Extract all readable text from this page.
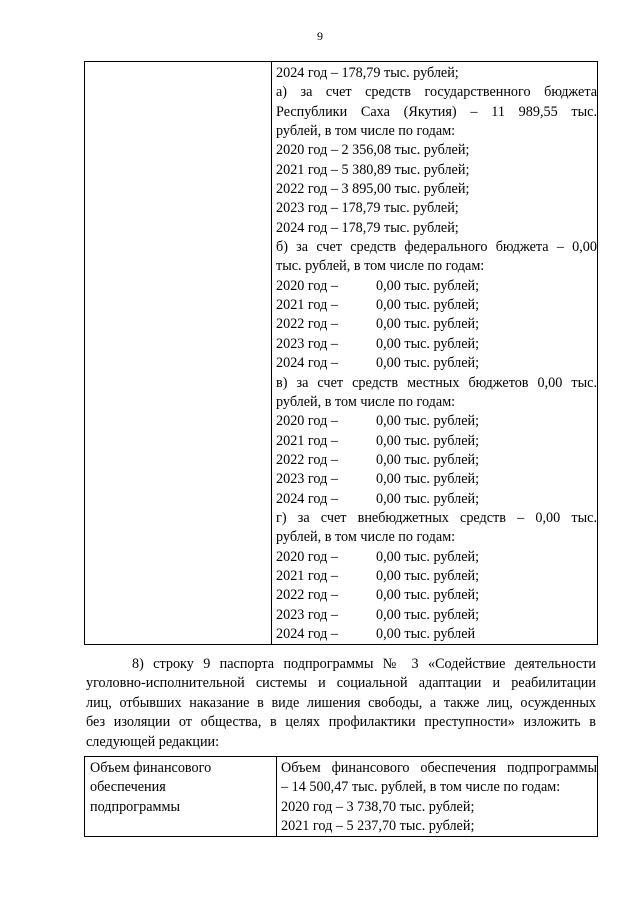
9

2024 год – 178,79 тыс. рублей;
а) за счет средств государственного бюджета
Республики Саха (Якутия) – 11 989,55 тыс.
рублей, в том числе по годам:
2020 год – 2 356,08 тыс. рублей;
2021 год – 5 380,89 тыс. рублей;
2022 год – 3 895,00 тыс. рублей;
2023 год – 178,79 тыс. рублей;
2024 год – 178,79 тыс. рублей;
б) за счет средств федерального бюджета – 0,00
тыс. рублей, в том числе по годам:
2020 год –	0,00 тыс. рублей;
2021 год –	0,00 тыс. рублей;
2022 год –	0,00 тыс. рублей;
2023 год –	0,00 тыс. рублей;
2024 год –	0,00 тыс. рублей;
в) за счет средств местных бюджетов 0,00 тыс.
рублей, в том числе по годам:
2020 год –	0,00 тыс. рублей;
2021 год –	0,00 тыс. рублей;
2022 год –	0,00 тыс. рублей;
2023 год –	0,00 тыс. рублей;
2024 год –	0,00 тыс. рублей;
г) за счет внебюджетных средств – 0,00 тыс.
рублей, в том числе по годам:
2020 год –	0,00 тыс. рублей;
2021 год –	0,00 тыс. рублей;
2022 год –	0,00 тыс. рублей;
2023 год –	0,00 тыс. рублей;
2024 год –	0,00 тыс. рублей
8) строку 9 паспорта подпрограммы № 3 «Содействие деятельности
уголовно-исполнительной системы и социальной адаптации и реабилитации
лиц, отбывших наказание в виде лишения свободы, а также лиц, осужденных
без изоляции от общества, в целях профилактики преступности» изложить в
следующей редакции:
Объем финансового
обеспечения
подпрограммы

Объем финансового обеспечения подпрограммы
– 14 500,47 тыс. рублей, в том числе по годам:
2020 год – 3 738,70 тыс. рублей;
2021 год – 5 237,70 тыс. рублей;
